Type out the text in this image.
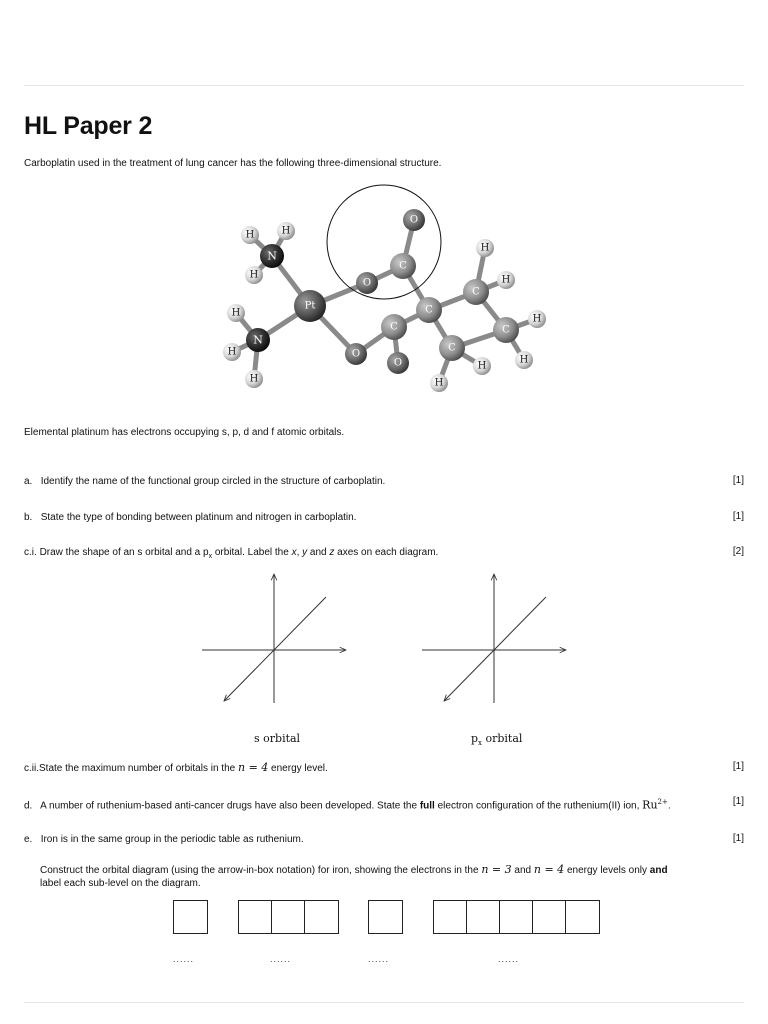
HL Paper 2
Carboplatin used in the treatment of lung cancer has the following three-dimensional structure.
H	H
H
N
H
H
H
N
Pt
O
O
O
O
C
C
C
C
C
C
H
H
H
H
H
H
Elemental platinum has electrons occupying s, p, d and f atomic orbitals.
a. Identify the name of the functional group circled in the structure of carboplatin.	[1]
b. State the type of bonding between platinum and nitrogen in carboplatin.	[1]
c.i. Draw the shape of an s orbital and a $p_x$ orbital. Label the x, y and z axes on each diagram.	[2]
s orbital	$p_x$ orbital
c.ii.State the maximum number of orbitals in the n = 4 energy level.	[1]
d. A number of ruthenium-based anti-cancer drugs have also been developed. State the full electron configuration of the ruthenium(II) ion, $Ru^{2+}$.	[1]
e. Iron is in the same group in the periodic table as ruthenium.	[1]
Construct the orbital diagram (using the arrow-in-box notation) for iron, showing the electrons in the n = 3 and n = 4 energy levels only and
label each sub-level on the diagram.
......	......	......	......
